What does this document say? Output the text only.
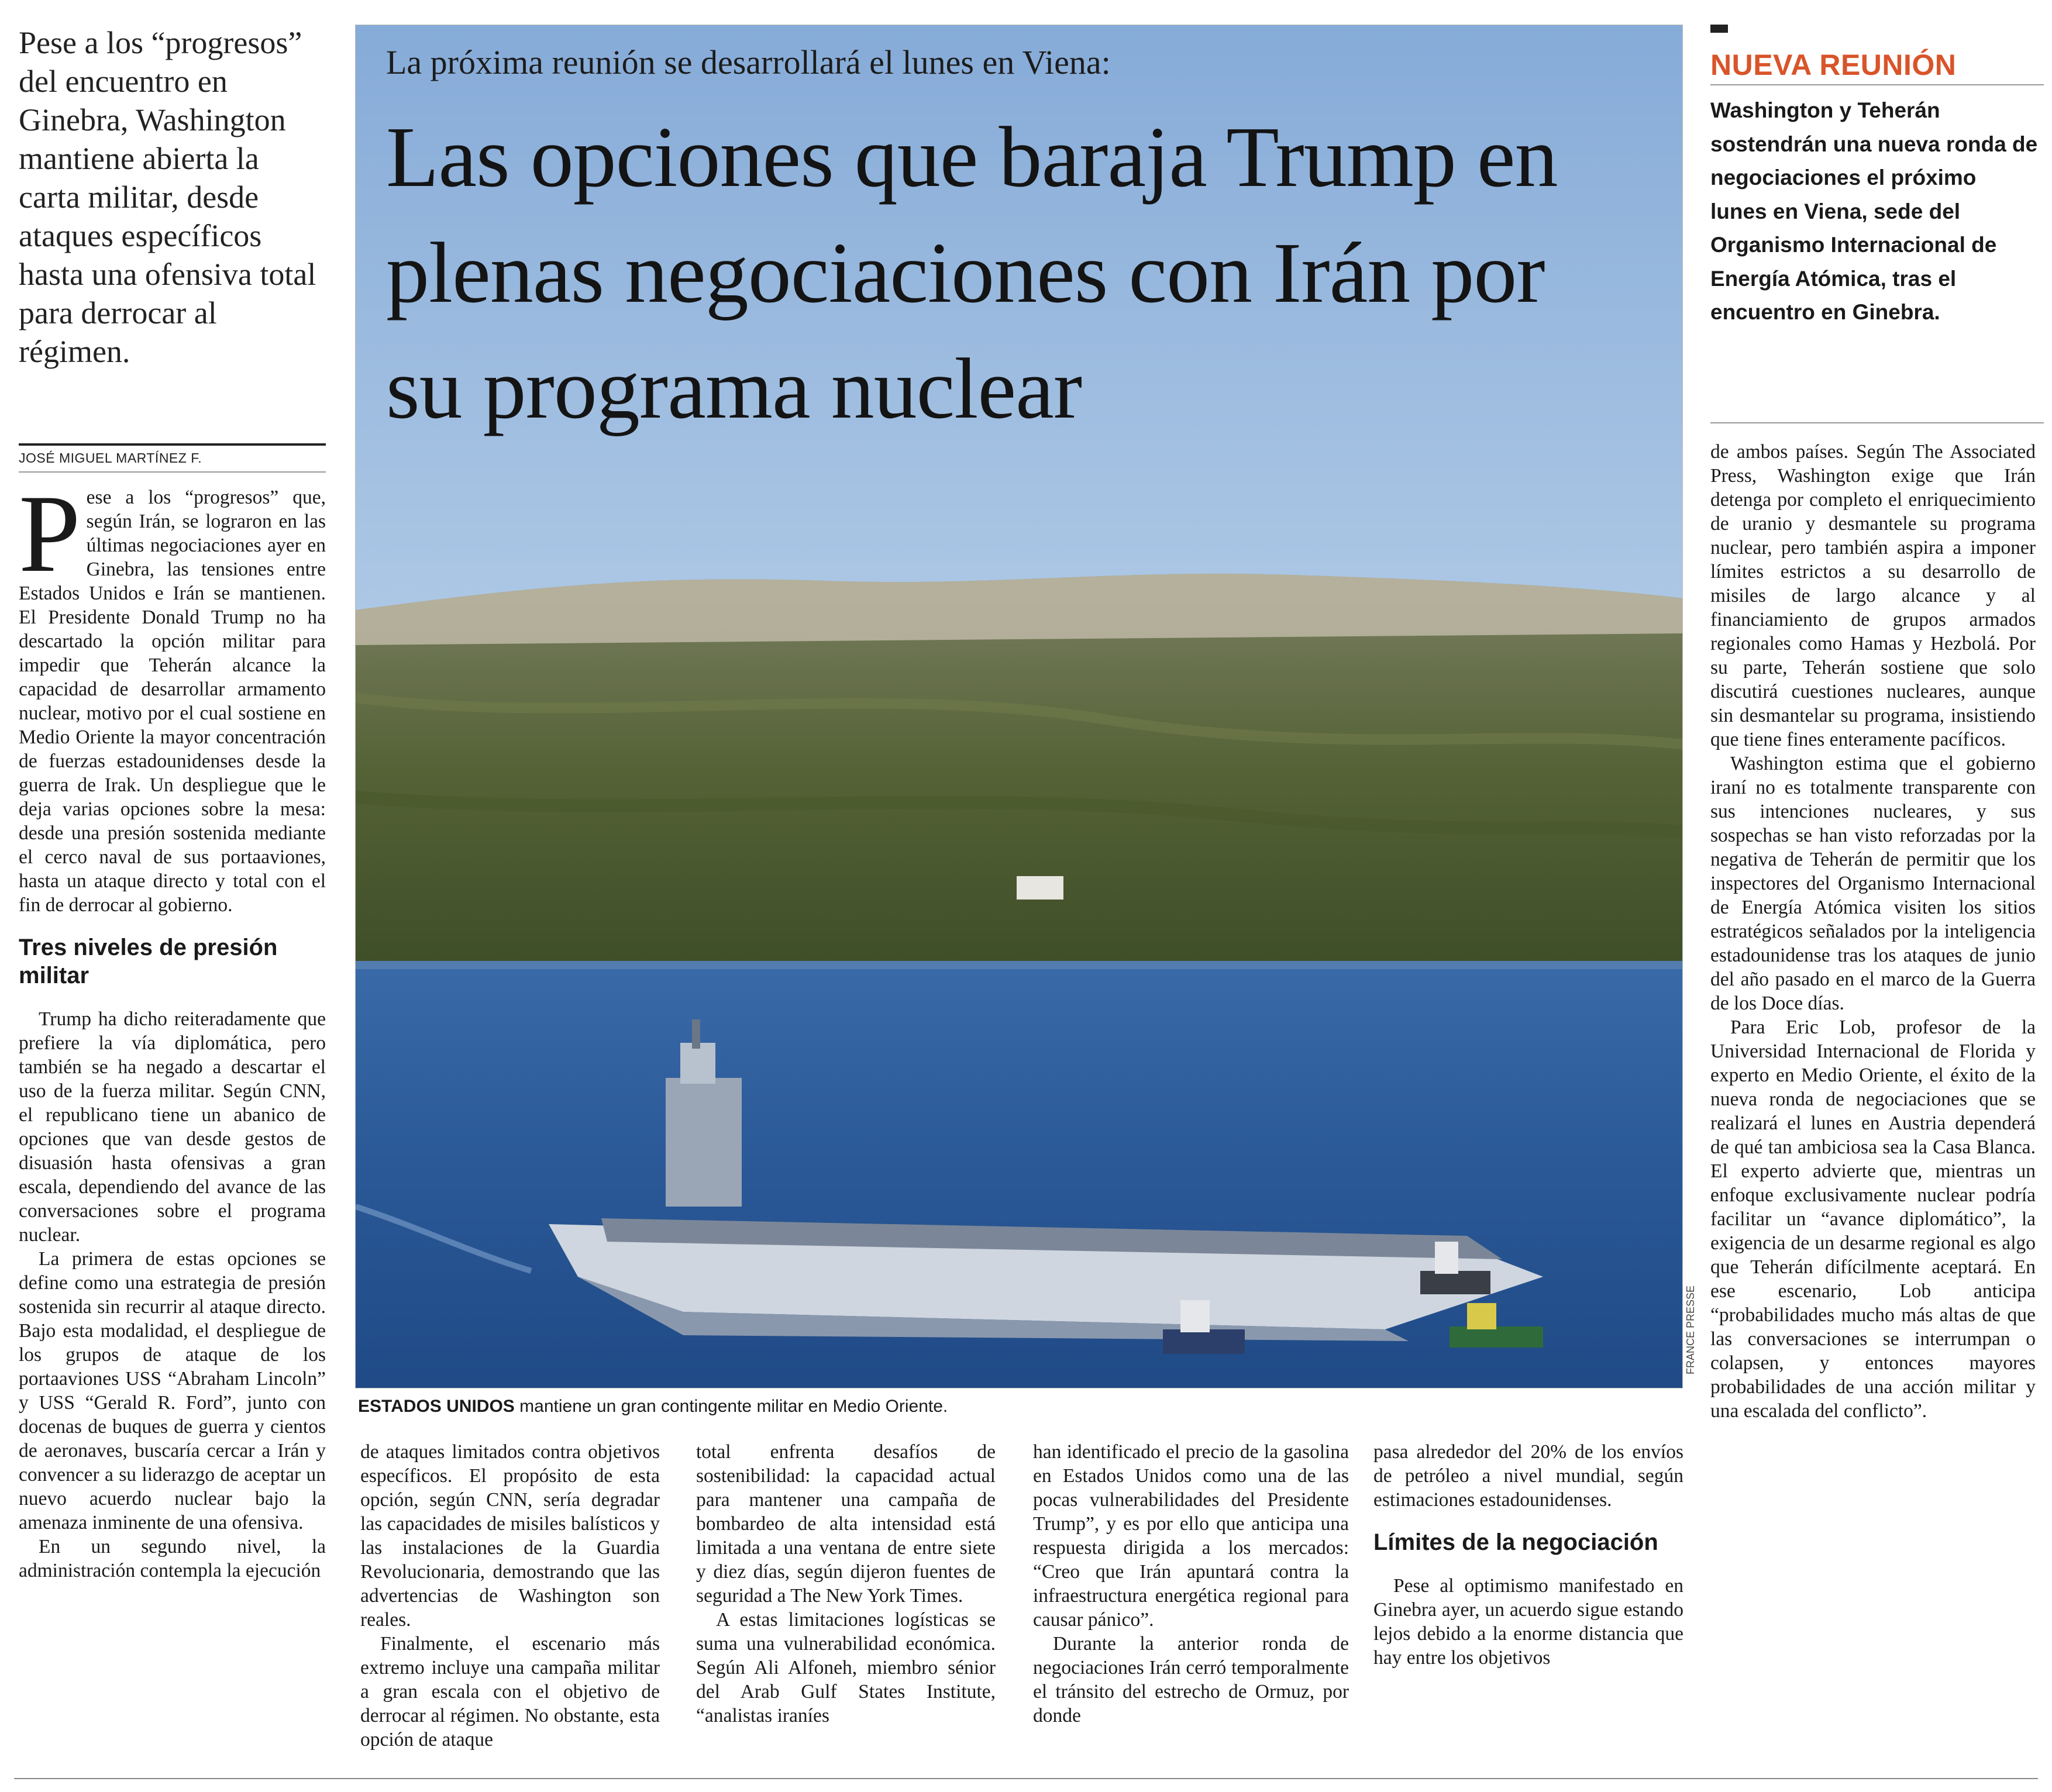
Pese a los “progresos” del encuentro en Ginebra, Washington mantiene abierta la carta militar, desde ataques específicos hasta una ofensiva total para derrocar al régimen.
JOSÉ MIGUEL MARTÍNEZ F.

Pese a los “progresos” que, según Irán, se lograron en las últimas negociaciones ayer en Ginebra, las tensiones entre Estados Unidos e Irán se mantienen. El Presidente Donald Trump no ha descartado la opción militar para impedir que Teherán alcance la capacidad de desarrollar armamento nuclear, motivo por el cual sostiene en Medio Oriente la mayor concentración de fuerzas estadounidenses desde la guerra de Irak. Un despliegue que le deja varias opciones sobre la mesa: desde una presión sostenida mediante el cerco naval de sus portaaviones, hasta un ataque directo y total con el fin de derrocar al gobierno.

Tres niveles de presión militar

Trump ha dicho reiteradamente que prefiere la vía diplomática, pero también se ha negado a descartar el uso de la fuerza militar. Según CNN, el republicano tiene un abanico de opciones que van desde gestos de disuasión hasta ofensivas a gran escala, dependiendo del avance de las conversaciones sobre el programa nuclear.

La primera de estas opciones se define como una estrategia de presión sostenida sin recurrir al ataque directo. Bajo esta modalidad, el despliegue de los grupos de ataque de los portaaviones USS “Abraham Lincoln” y USS “Gerald R. Ford”, junto con docenas de buques de guerra y cientos de aeronaves, buscaría cercar a Irán y convencer a su liderazgo de aceptar un nuevo acuerdo nuclear bajo la amenaza inminente de una ofensiva.

En un segundo nivel, la administración contempla la ejecución

La próxima reunión se desarrollará el lunes en Viena:
Las opciones que baraja Trump en plenas negociaciones con Irán por su programa nuclear
FRANCE PRESSE
ESTADOS UNIDOS mantiene un gran contingente militar en Medio Oriente.

de ataques limitados contra objetivos específicos. El propósito de esta opción, según CNN, sería degradar las capacidades de misiles balísticos y las instalaciones de la Guardia Revolucionaria, demostrando que las advertencias de Washington son reales.

Finalmente, el escenario más extremo incluye una campaña militar a gran escala con el objetivo de derrocar al régimen. No obstante, esta opción de ataque

total enfrenta desafíos de sostenibilidad: la capacidad actual para mantener una campaña de bombardeo de alta intensidad está limitada a una ventana de entre siete y diez días, según dijeron fuentes de seguridad a The New York Times.

A estas limitaciones logísticas se suma una vulnerabilidad económica. Según Ali Alfoneh, miembro sénior del Arab Gulf States Institute, “analistas iraníes

han identificado el precio de la gasolina en Estados Unidos como una de las pocas vulnerabilidades del Presidente Trump”, y es por ello que anticipa una respuesta dirigida a los mercados: “Creo que Irán apuntará contra la infraestructura energética regional para causar pánico”.

Durante la anterior ronda de negociaciones Irán cerró temporalmente el tránsito del estrecho de Ormuz, por donde

pasa alrededor del 20% de los envíos de petróleo a nivel mundial, según estimaciones estadounidenses.

Límites de la negociación

Pese al optimismo manifestado en Ginebra ayer, un acuerdo sigue estando lejos debido a la enorme distancia que hay entre los objetivos

NUEVA REUNIÓN
Washington y Teherán sostendrán una nueva ronda de negociaciones el próximo lunes en Viena, sede del Organismo Internacional de Energía Atómica, tras el encuentro en Ginebra.

de ambos países. Según The Associated Press, Washington exige que Irán detenga por completo el enriquecimiento de uranio y desmantele su programa nuclear, pero también aspira a imponer límites estrictos a su desarrollo de misiles de largo alcance y al financiamiento de grupos armados regionales como Hamas y Hezbolá. Por su parte, Teherán sostiene que solo discutirá cuestiones nucleares, aunque sin desmantelar su programa, insistiendo que tiene fines enteramente pacíficos.

Washington estima que el gobierno iraní no es totalmente transparente con sus intenciones nucleares, y sus sospechas se han visto reforzadas por la negativa de Teherán de permitir que los inspectores del Organismo Internacional de Energía Atómica visiten los sitios estratégicos señalados por la inteligencia estadounidense tras los ataques de junio del año pasado en el marco de la Guerra de los Doce días.

Para Eric Lob, profesor de la Universidad Internacional de Florida y experto en Medio Oriente, el éxito de la nueva ronda de negociaciones que se realizará el lunes en Austria dependerá de qué tan ambiciosa sea la Casa Blanca. El experto advierte que, mientras un enfoque exclusivamente nuclear podría facilitar un “avance diplomático”, la exigencia de un desarme regional es algo que Teherán difícilmente aceptará. En ese escenario, Lob anticipa “probabilidades mucho más altas de que las conversaciones se interrumpan o colapsen, y entonces mayores probabilidades de una acción militar y una escalada del conflicto”.
